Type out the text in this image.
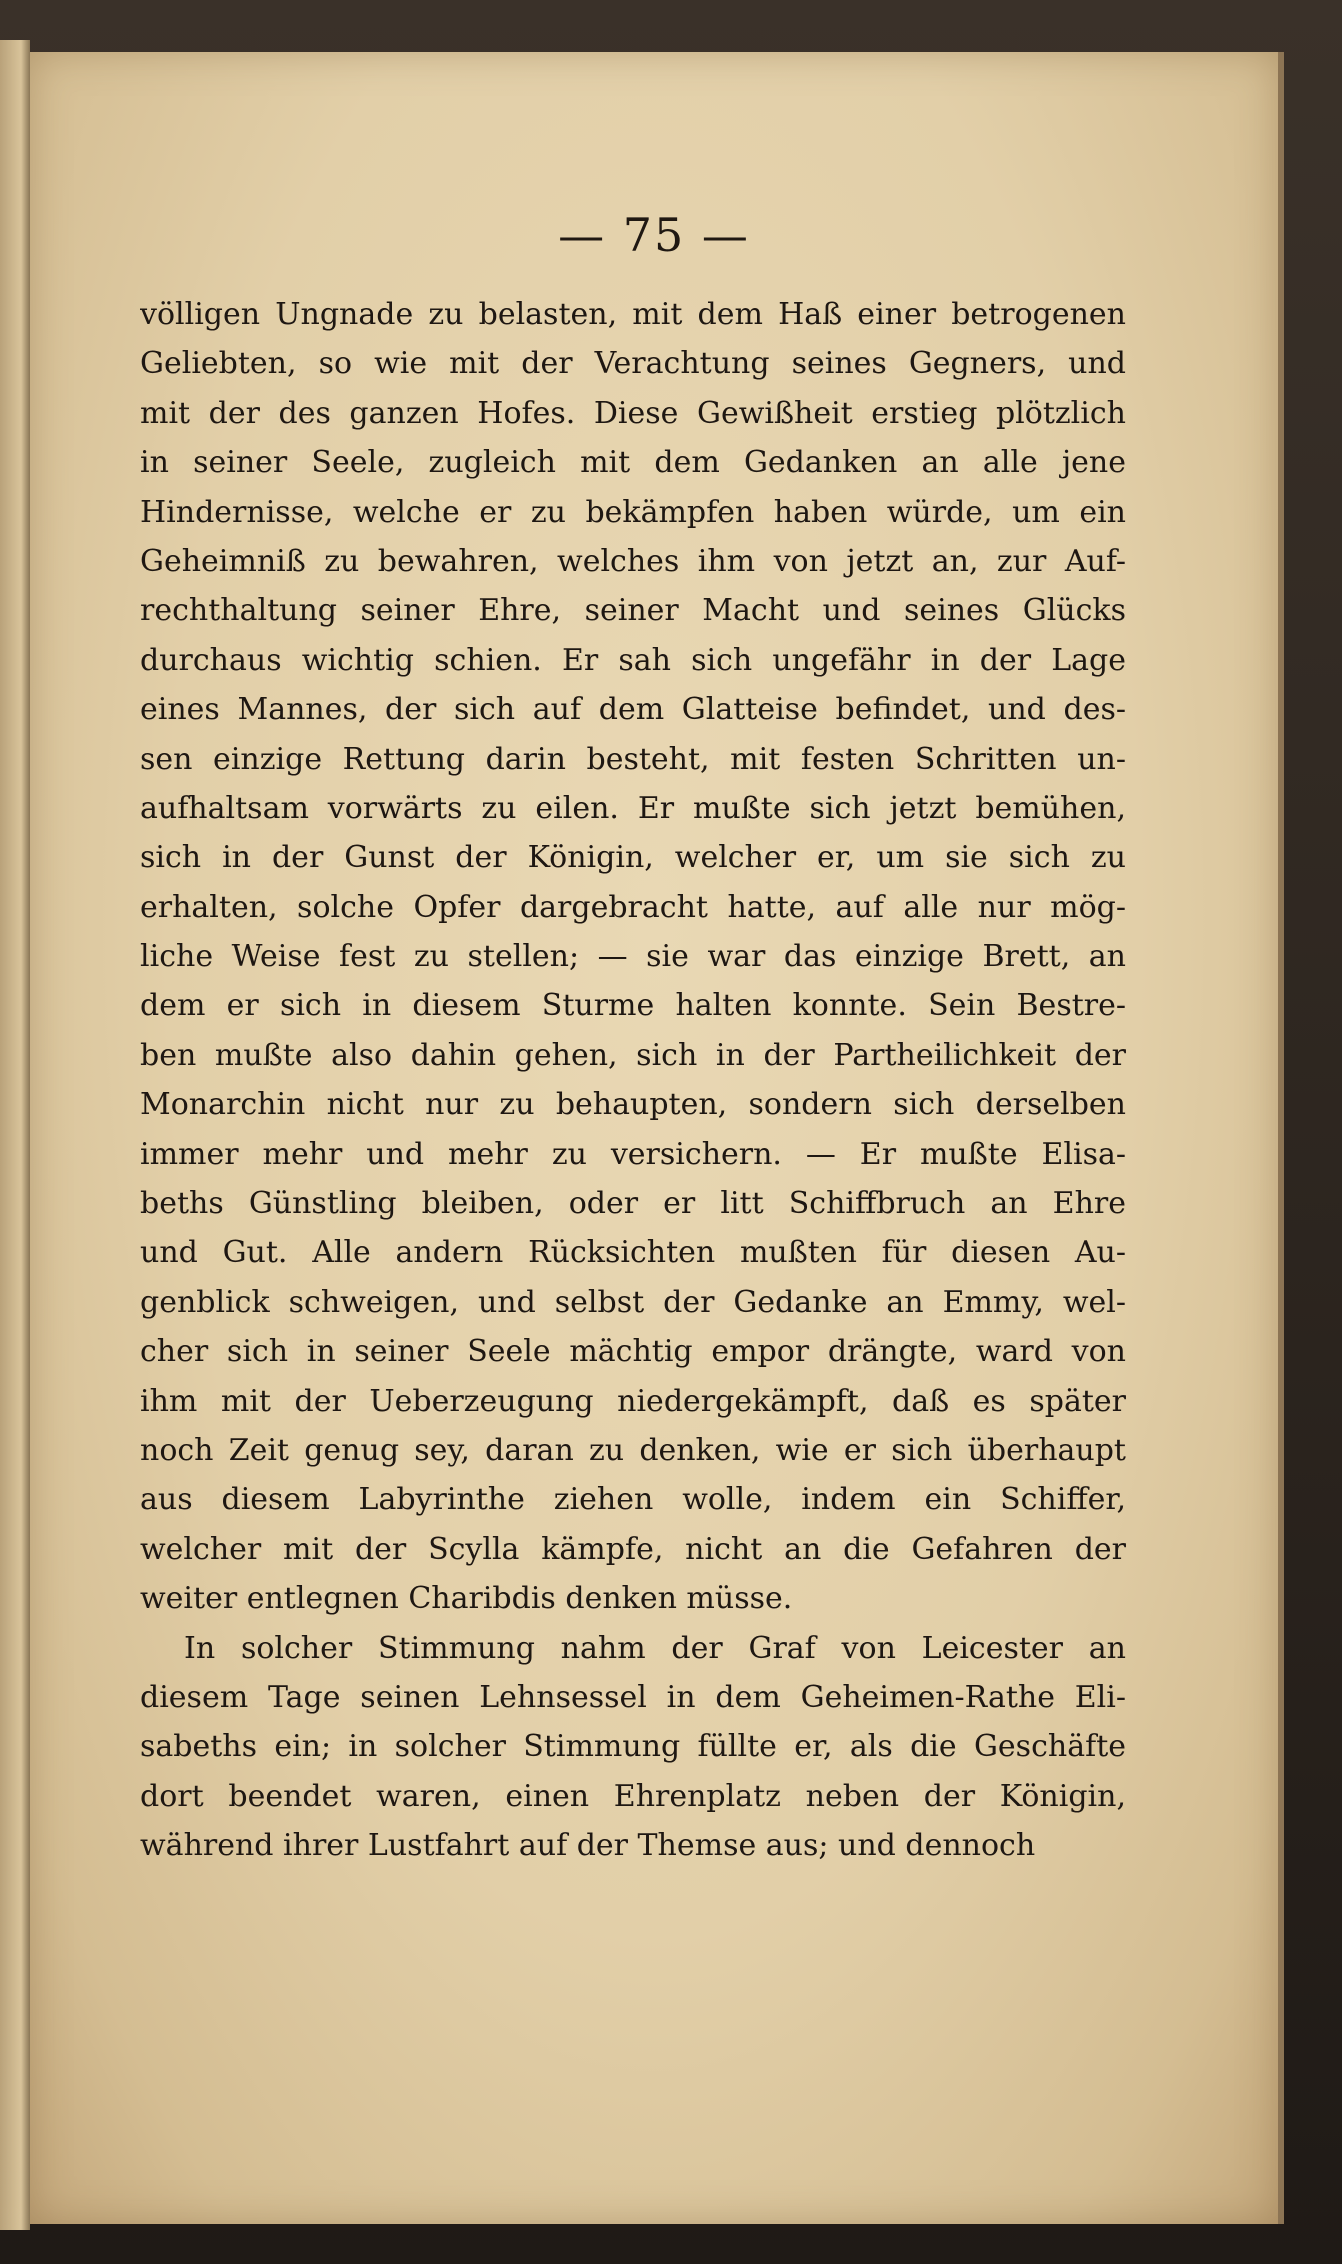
— 75 —
völligen Ungnade zu belasten, mit dem Haß einer betrogenen
Geliebten, so wie mit der Verachtung seines Gegners, und
mit der des ganzen Hofes. Diese Gewißheit erstieg plötzlich
in seiner Seele, zugleich mit dem Gedanken an alle jene
Hindernisse, welche er zu bekämpfen haben würde, um ein
Geheimniß zu bewahren, welches ihm von jetzt an, zur Auf-
rechthaltung seiner Ehre, seiner Macht und seines Glücks
durchaus wichtig schien. Er sah sich ungefähr in der Lage
eines Mannes, der sich auf dem Glatteise befindet, und des-
sen einzige Rettung darin besteht, mit festen Schritten un-
aufhaltsam vorwärts zu eilen. Er mußte sich jetzt bemühen,
sich in der Gunst der Königin, welcher er, um sie sich zu
erhalten, solche Opfer dargebracht hatte, auf alle nur mög-
liche Weise fest zu stellen; — sie war das einzige Brett, an
dem er sich in diesem Sturme halten konnte. Sein Bestre-
ben mußte also dahin gehen, sich in der Partheilichkeit der
Monarchin nicht nur zu behaupten, sondern sich derselben
immer mehr und mehr zu versichern. — Er mußte Elisa-
beths Günstling bleiben, oder er litt Schiffbruch an Ehre
und Gut. Alle andern Rücksichten mußten für diesen Au-
genblick schweigen, und selbst der Gedanke an Emmy, wel-
cher sich in seiner Seele mächtig empor drängte, ward von
ihm mit der Ueberzeugung niedergekämpft, daß es später
noch Zeit genug sey, daran zu denken, wie er sich überhaupt
aus diesem Labyrinthe ziehen wolle, indem ein Schiffer,
welcher mit der Scylla kämpfe, nicht an die Gefahren der
weiter entlegnen Charibdis denken müsse.
In solcher Stimmung nahm der Graf von Leicester an
diesem Tage seinen Lehnsessel in dem Geheimen-Rathe Eli-
sabeths ein; in solcher Stimmung füllte er, als die Geschäfte
dort beendet waren, einen Ehrenplatz neben der Königin,
während ihrer Lustfahrt auf der Themse aus; und dennoch
